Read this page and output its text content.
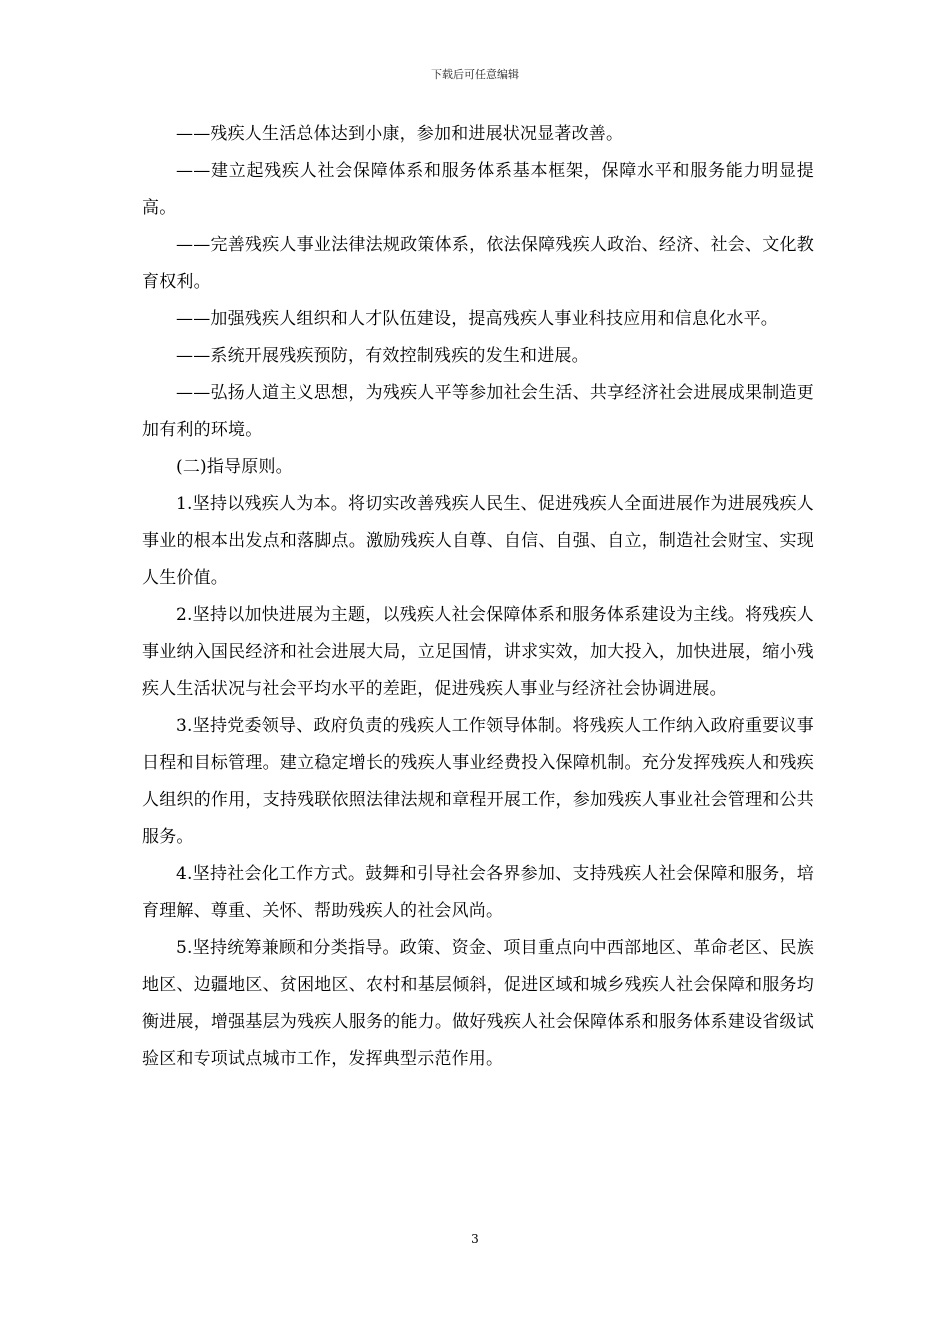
下载后可任意编辑

——残疾人生活总体达到小康，参加和进展状况显著改善。

——建立起残疾人社会保障体系和服务体系基本框架，保障水平和服务能力明显提高。

——完善残疾人事业法律法规政策体系，依法保障残疾人政治、经济、社会、文化教育权利。

——加强残疾人组织和人才队伍建设，提高残疾人事业科技应用和信息化水平。

——系统开展残疾预防，有效控制残疾的发生和进展。

——弘扬人道主义思想，为残疾人平等参加社会生活、共享经济社会进展成果制造更加有利的环境。

(二)指导原则。

1.坚持以残疾人为本。将切实改善残疾人民生、促进残疾人全面进展作为进展残疾人事业的根本出发点和落脚点。激励残疾人自尊、自信、自强、自立，制造社会财宝、实现人生价值。

2.坚持以加快进展为主题，以残疾人社会保障体系和服务体系建设为主线。将残疾人事业纳入国民经济和社会进展大局，立足国情，讲求实效，加大投入，加快进展，缩小残疾人生活状况与社会平均水平的差距，促进残疾人事业与经济社会协调进展。

3.坚持党委领导、政府负责的残疾人工作领导体制。将残疾人工作纳入政府重要议事日程和目标管理。建立稳定增长的残疾人事业经费投入保障机制。充分发挥残疾人和残疾人组织的作用，支持残联依照法律法规和章程开展工作，参加残疾人事业社会管理和公共服务。

4.坚持社会化工作方式。鼓舞和引导社会各界参加、支持残疾人社会保障和服务，培育理解、尊重、关怀、帮助残疾人的社会风尚。

5.坚持统筹兼顾和分类指导。政策、资金、项目重点向中西部地区、革命老区、民族地区、边疆地区、贫困地区、农村和基层倾斜，促进区域和城乡残疾人社会保障和服务均衡进展，增强基层为残疾人服务的能力。做好残疾人社会保障体系和服务体系建设省级试验区和专项试点城市工作，发挥典型示范作用。

3
